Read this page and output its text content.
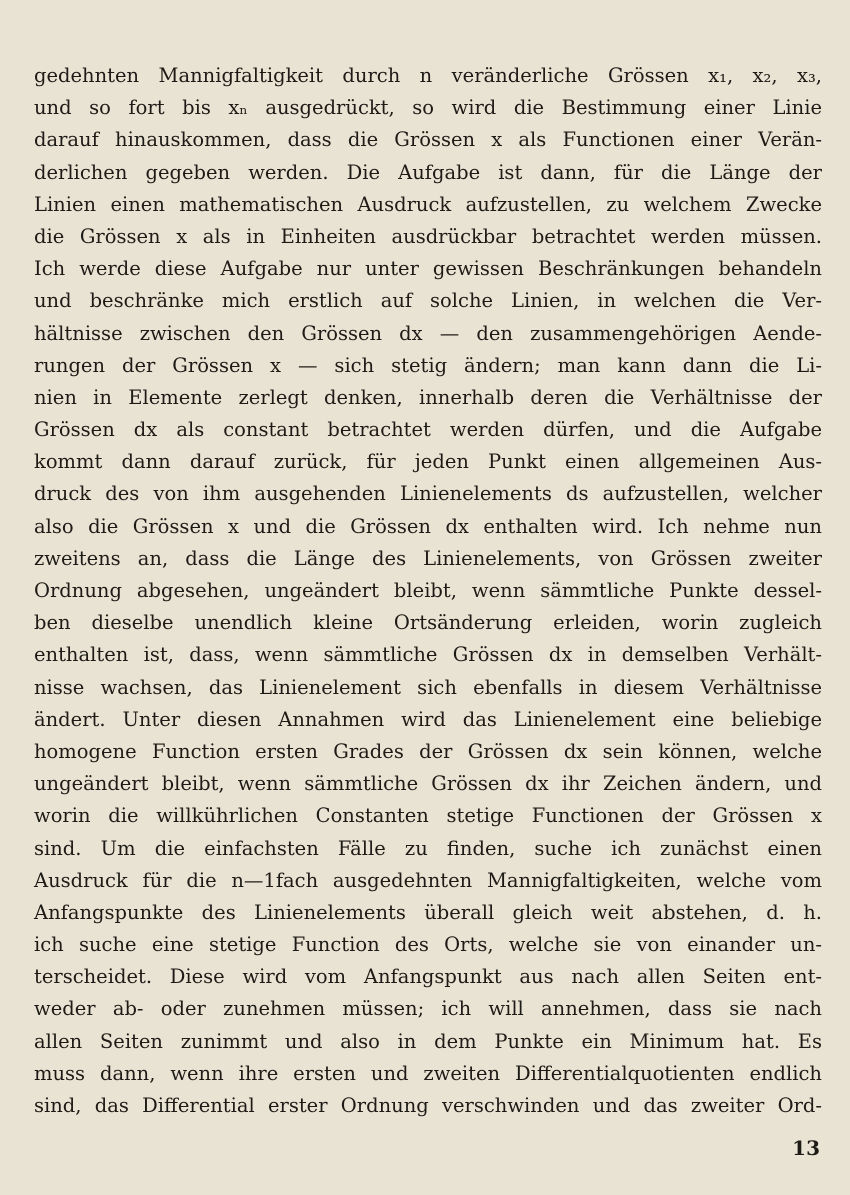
gedehnten Mannigfaltigkeit durch n veränderliche Grössen x₁, x₂, x₃,
und so fort bis xₙ ausgedrückt, so wird die Bestimmung einer Linie
darauf hinauskommen, dass die Grössen x als Functionen einer Verän-
derlichen gegeben werden. Die Aufgabe ist dann, für die Länge der
Linien einen mathematischen Ausdruck aufzustellen, zu welchem Zwecke
die Grössen x als in Einheiten ausdrückbar betrachtet werden müssen.
Ich werde diese Aufgabe nur unter gewissen Beschränkungen behandeln
und beschränke mich erstlich auf solche Linien, in welchen die Ver-
hältnisse zwischen den Grössen dx — den zusammengehörigen Aende-
rungen der Grössen x — sich stetig ändern; man kann dann die Li-
nien in Elemente zerlegt denken, innerhalb deren die Verhältnisse der
Grössen dx als constant betrachtet werden dürfen, und die Aufgabe
kommt dann darauf zurück, für jeden Punkt einen allgemeinen Aus-
druck des von ihm ausgehenden Linienelements ds aufzustellen, welcher
also die Grössen x und die Grössen dx enthalten wird. Ich nehme nun
zweitens an, dass die Länge des Linienelements, von Grössen zweiter
Ordnung abgesehen, ungeändert bleibt, wenn sämmtliche Punkte dessel-
ben dieselbe unendlich kleine Ortsänderung erleiden, worin zugleich
enthalten ist, dass, wenn sämmtliche Grössen dx in demselben Verhält-
nisse wachsen, das Linienelement sich ebenfalls in diesem Verhältnisse
ändert. Unter diesen Annahmen wird das Linienelement eine beliebige
homogene Function ersten Grades der Grössen dx sein können, welche
ungeändert bleibt, wenn sämmtliche Grössen dx ihr Zeichen ändern, und
worin die willkührlichen Constanten stetige Functionen der Grössen x
sind. Um die einfachsten Fälle zu finden, suche ich zunächst einen
Ausdruck für die n—1fach ausgedehnten Mannigfaltigkeiten, welche vom
Anfangspunkte des Linienelements überall gleich weit abstehen, d. h.
ich suche eine stetige Function des Orts, welche sie von einander un-
terscheidet. Diese wird vom Anfangspunkt aus nach allen Seiten ent-
weder ab- oder zunehmen müssen; ich will annehmen, dass sie nach
allen Seiten zunimmt und also in dem Punkte ein Minimum hat. Es
muss dann, wenn ihre ersten und zweiten Differentialquotienten endlich
sind, das Differential erster Ordnung verschwinden und das zweiter Ord-
13
